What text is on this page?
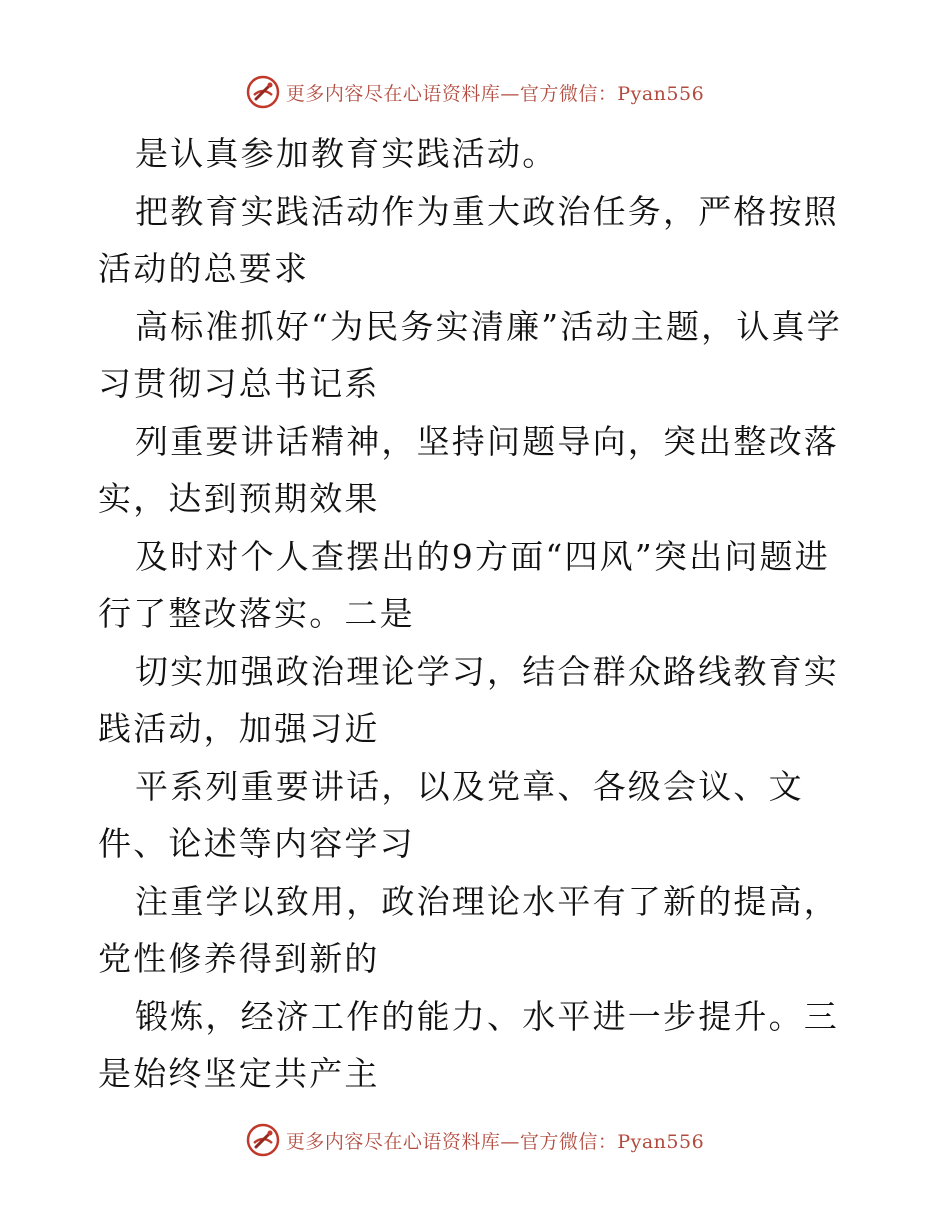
更多内容尽在心语资料库—官方微信：Pyan556

是认真参加教育实践活动。

把教育实践活动作为重大政治任务，严格按照活动的总要求

高标准抓好“为民务实清廉”活动主题，认真学习贯彻习总书记系

列重要讲话精神，坚持问题导向，突出整改落实，达到预期效果

及时对个人查摆出的9方面“四风”突出问题进行了整改落实。二是

切实加强政治理论学习，结合群众路线教育实践活动，加强习近

平系列重要讲话，以及党章、各级会议、文件、论述等内容学习

注重学以致用，政治理论水平有了新的提高，党性修养得到新的

锻炼，经济工作的能力、水平进一步提升。三是始终坚定共产主

更多内容尽在心语资料库—官方微信：Pyan556
